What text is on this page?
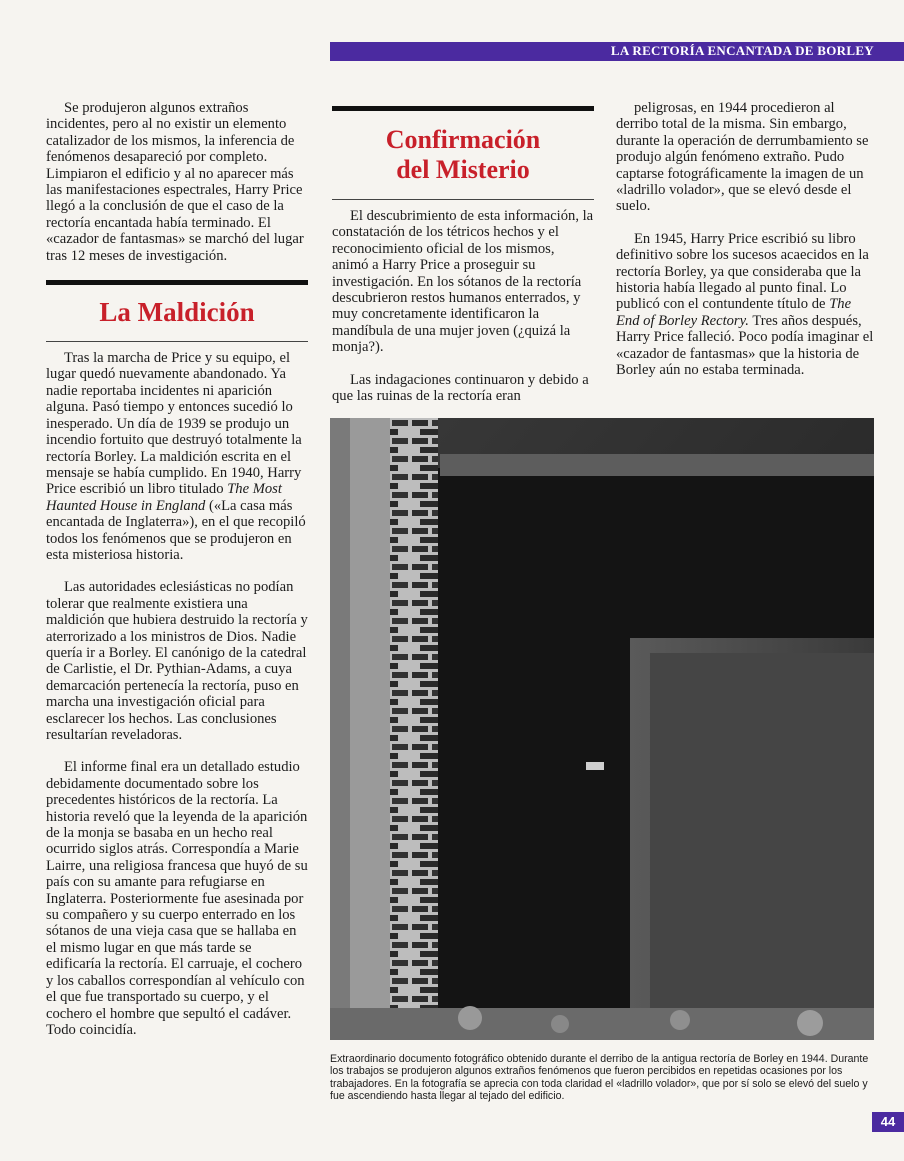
LA RECTORÍA ENCANTADA DE BORLEY

Se produjeron algunos extraños incidentes, pero al no existir un elemento catalizador de los mismos, la inferencia de fenómenos desapareció por completo. Limpiaron el edificio y al no aparecer más las manifestaciones espectrales, Harry Price llegó a la conclusión de que el caso de la rectoría encantada había terminado. El «cazador de fantasmas» se marchó del lugar tras 12 meses de investigación.

La Maldición

Tras la marcha de Price y su equipo, el lugar quedó nuevamente abandonado. Ya nadie reportaba incidentes ni aparición alguna. Pasó tiempo y entonces sucedió lo inesperado. Un día de 1939 se produjo un incendio fortuito que destruyó totalmente la rectoría Borley. La maldición escrita en el mensaje se había cumplido. En 1940, Harry Price escribió un libro titulado The Most Haunted House in England («La casa más encantada de Inglaterra»), en el que recopiló todos los fenómenos que se produjeron en esta misteriosa historia.

Las autoridades eclesiásticas no podían tolerar que realmente existiera una maldición que hubiera destruido la rectoría y aterrorizado a los ministros de Dios. Nadie quería ir a Borley. El canónigo de la catedral de Carlistie, el Dr. Pythian-Adams, a cuya demarcación pertenecía la rectoría, puso en marcha una investigación oficial para esclarecer los hechos. Las conclusiones resultarían reveladoras.

El informe final era un detallado estudio debidamente documentado sobre los precedentes históricos de la rectoría. La historia reveló que la leyenda de la aparición de la monja se basaba en un hecho real ocurrido siglos atrás. Correspondía a Marie Lairre, una religiosa francesa que huyó de su país con su amante para refugiarse en Inglaterra. Posteriormente fue asesinada por su compañero y su cuerpo enterrado en los sótanos de una vieja casa que se hallaba en el mismo lugar en que más tarde se edificaría la rectoría. El carruaje, el cochero y los caballos correspondían al vehículo con el que fue transportado su cuerpo, y el cochero el hombre que sepultó el cadáver. Todo coincidía.

Confirmación
del Misterio

El descubrimiento de esta información, la constatación de los tétricos hechos y el reconocimiento oficial de los mismos, animó a Harry Price a proseguir su investigación. En los sótanos de la rectoría descubrieron restos humanos enterrados, y muy concretamente identificaron la mandíbula de una mujer joven (¿quizá la monja?).

Las indagaciones continuaron y debido a que las ruinas de la rectoría eran

peligrosas, en 1944 procedieron al derribo total de la misma. Sin embargo, durante la operación de derrumbamiento se produjo algún fenómeno extraño. Pudo captarse fotográficamente la imagen de un «ladrillo volador», que se elevó desde el suelo.

En 1945, Harry Price escribió su libro definitivo sobre los sucesos acaecidos en la rectoría Borley, ya que consideraba que la historia había llegado al punto final. Lo publicó con el contundente título de The End of Borley Rectory. Tres años después, Harry Price falleció. Poco podía imaginar el «cazador de fantasmas» que la historia de Borley aún no estaba terminada.

Extraordinario documento fotográfico obtenido durante el derribo de la antigua rectoría de Borley en 1944. Durante los trabajos se produjeron algunos extraños fenómenos que fueron percibidos en repetidas ocasiones por los trabajadores. En la fotografía se aprecia con toda claridad el «ladrillo volador», que por sí solo se elevó del suelo y fue ascendiendo hasta llegar al tejado del edificio.
44
